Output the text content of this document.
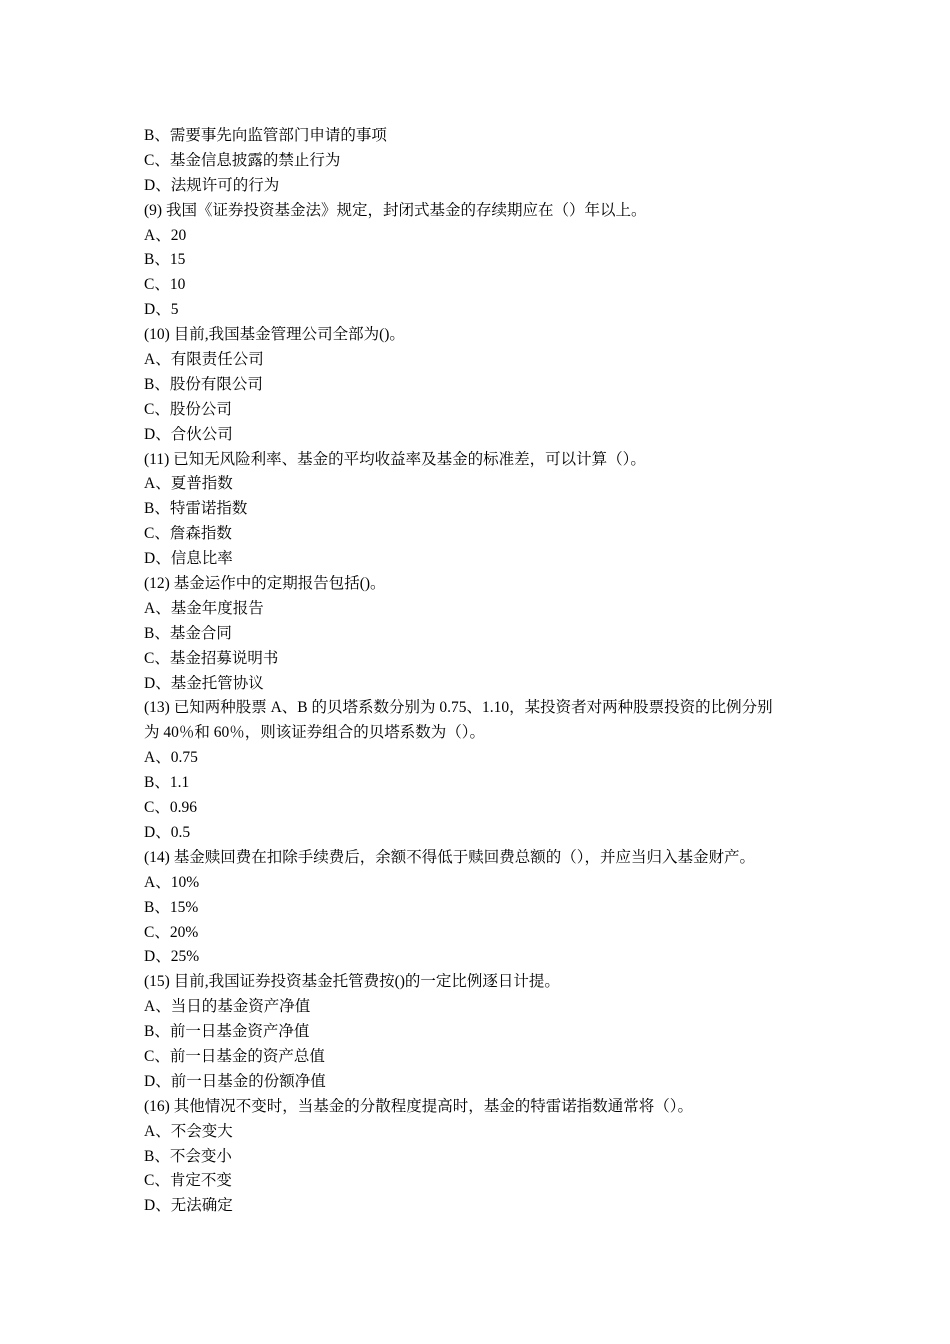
B、需要事先向监管部门申请的事项
C、基金信息披露的禁止行为
D、法规许可的行为
(9) 我国《证券投资基金法》规定，封闭式基金的存续期应在（）年以上。
A、20
B、15
C、10
D、5
(10) 目前,我国基金管理公司全部为()。
A、有限责任公司
B、股份有限公司
C、股份公司
D、合伙公司
(11) 已知无风险利率、基金的平均收益率及基金的标准差，可以计算（）。
A、夏普指数
B、特雷诺指数
C、詹森指数
D、信息比率
(12) 基金运作中的定期报告包括()。
A、基金年度报告
B、基金合同
C、基金招募说明书
D、基金托管协议
(13) 已知两种股票 A、B 的贝塔系数分别为 0.75、1.10，某投资者对两种股票投资的比例分别
为 40％和 60％，则该证券组合的贝塔系数为（）。
A、0.75
B、1.1
C、0.96
D、0.5
(14) 基金赎回费在扣除手续费后，余额不得低于赎回费总额的（），并应当归入基金财产。
A、10%
B、15%
C、20%
D、25%
(15) 目前,我国证券投资基金托管费按()的一定比例逐日计提。
A、当日的基金资产净值
B、前一日基金资产净值
C、前一日基金的资产总值
D、前一日基金的份额净值
(16) 其他情况不变时，当基金的分散程度提高时，基金的特雷诺指数通常将（）。
A、不会变大
B、不会变小
C、肯定不变
D、无法确定
